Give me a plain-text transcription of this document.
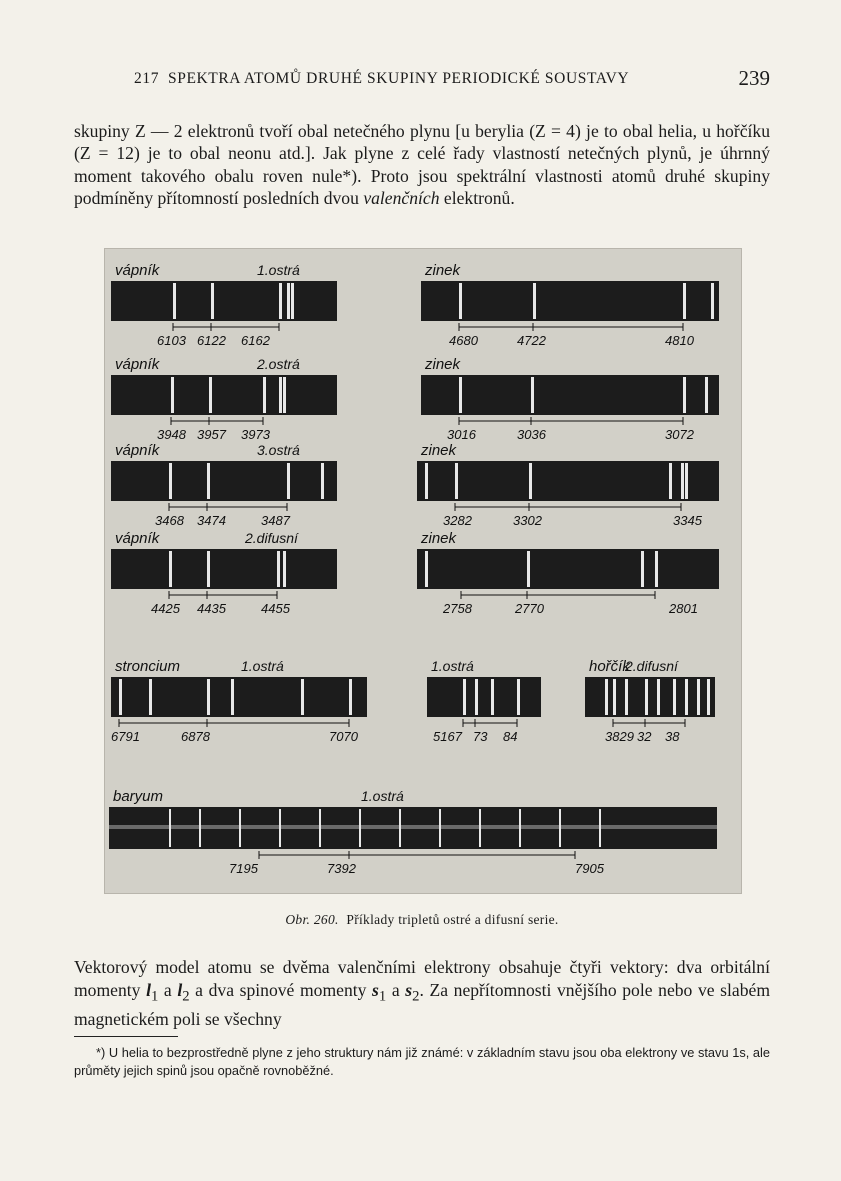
217 SPEKTRA ATOMŮ DRUHÉ SKUPINY PERIODICKÉ SOUSTAVY	239

skupiny Z — 2 elektronů tvoří obal netečného plynu [u berylia (Z = 4) je to obal helia, u hořčíku (Z = 12) je to obal neonu atd.]. Jak plyne z celé řady vlastností netečných plynů, je úhrnný moment takového obalu roven nule*). Proto jsou spektrální vlastnosti atomů druhé skupiny podmíněny přítomností posledních dvou valenčních elektronů.

vápník	1.ostrá
6103 6122 6162
zinek
4680	4722	4810
vápník	2.ostrá
3948 3957 3973
zinek
3016	3036	3072
vápník	3.ostrá
3468 3474	3487
zinek
3282	3302	3345
vápník	2.difusní
4425 4435	4455
zinek
2758	2770	2801
stroncium	1.ostrá
6791	6878	7070
1.ostrá
5167 73 84
hořčík
2.difusní
3829 32 38
baryum	1.ostrá
7195	7392	7905
Obr. 260. Příklady tripletů ostré a difusní serie.

Vektorový model atomu se dvěma valenčními elektrony obsahuje čtyři vektory: dva orbitální momenty $l_1$ a $l_2$ a dva spinové momenty $s_1$ a $s_2$. Za nepřítomnosti vnějšího pole nebo ve slabém magnetickém poli se všechny

*) U helia to bezprostředně plyne z jeho struktury nám již známé: v základním stavu jsou oba elektrony ve stavu 1s, ale průměty jejich spinů jsou opačně rovnoběžné.
